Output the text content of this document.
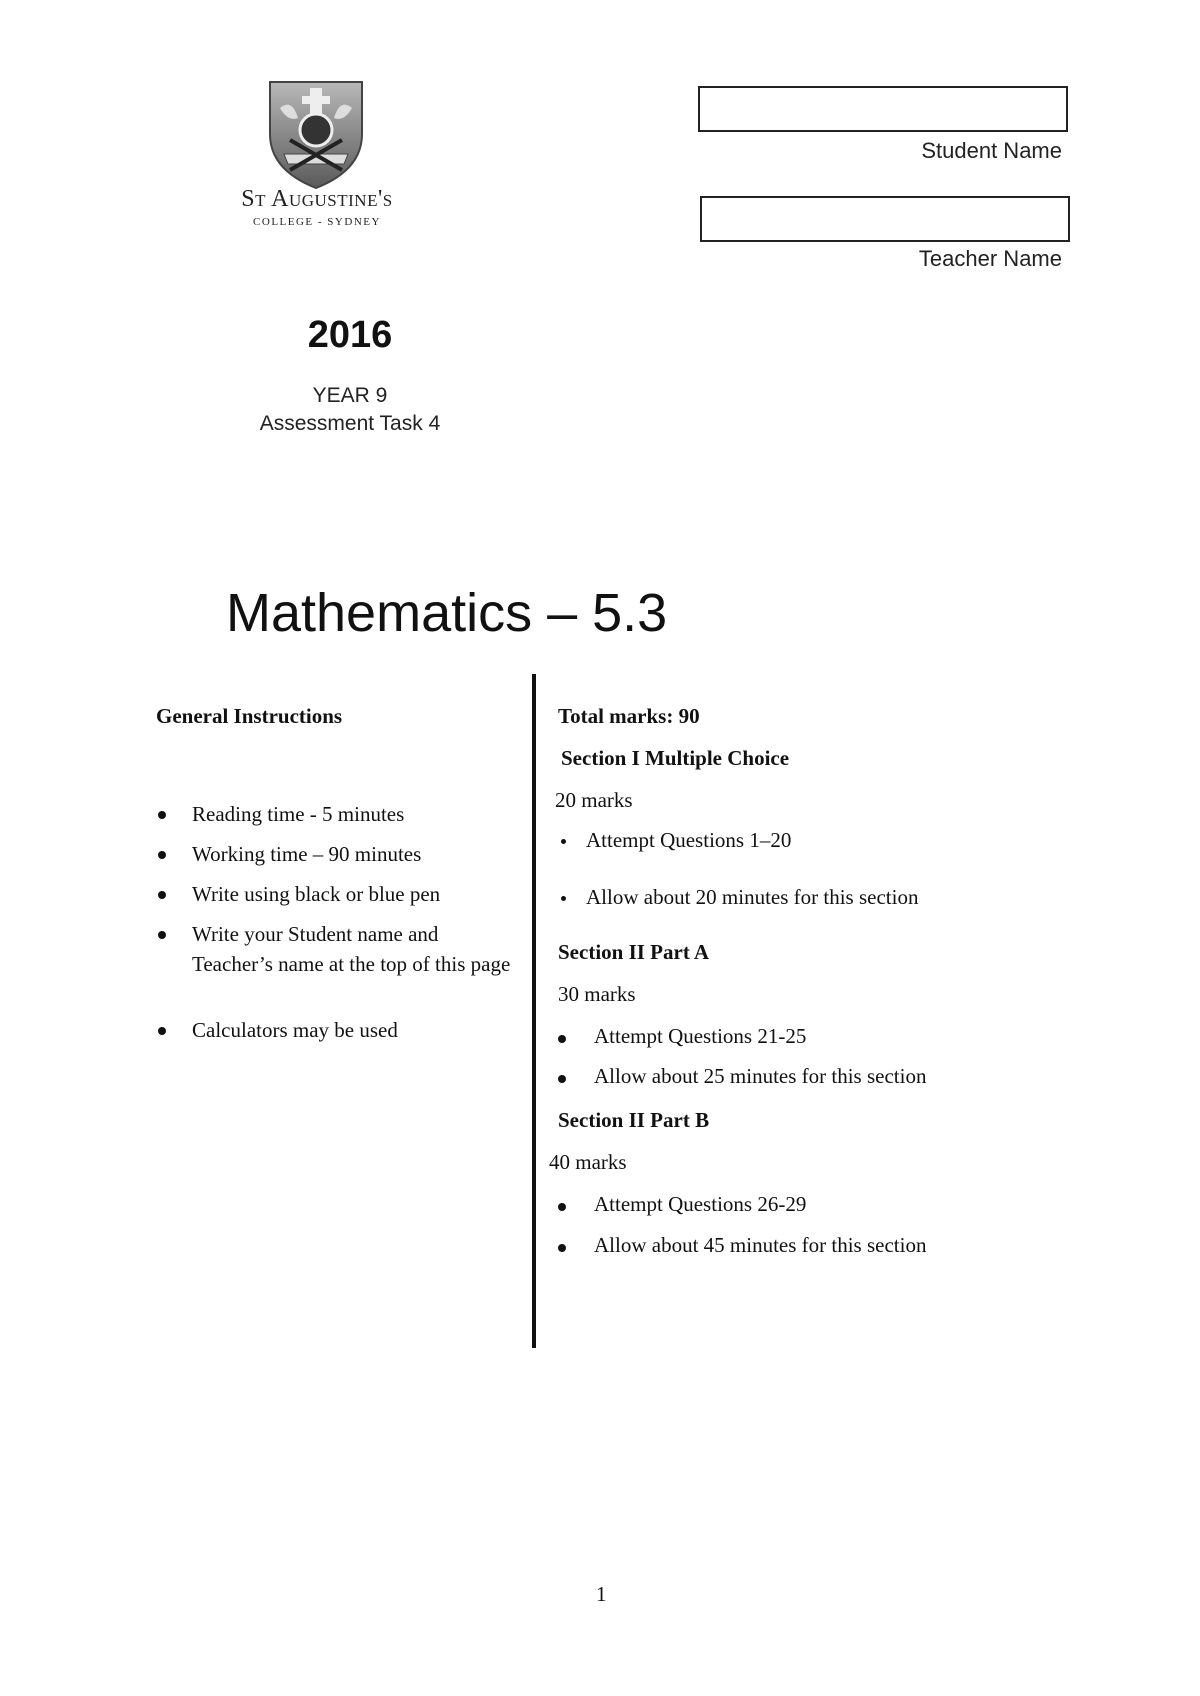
St Augustine's
COLLEGE - SYDNEY
Student Name
Teacher Name
2016
YEAR 9
Assessment Task 4
Mathematics – 5.3
General Instructions
Reading time - 5 minutes
Working time – 90 minutes
Write using black or blue pen
Write your Student name and Teacher’s name at the top of this page
Calculators may be used
Total marks: 90
Section I Multiple Choice
20 marks
Attempt Questions 1–20
Allow about 20 minutes for this section
Section II Part A
30 marks
Attempt Questions 21-25
Allow about 25 minutes for this section
Section II Part B
40 marks
Attempt Questions 26-29
Allow about 45 minutes for this section
1
